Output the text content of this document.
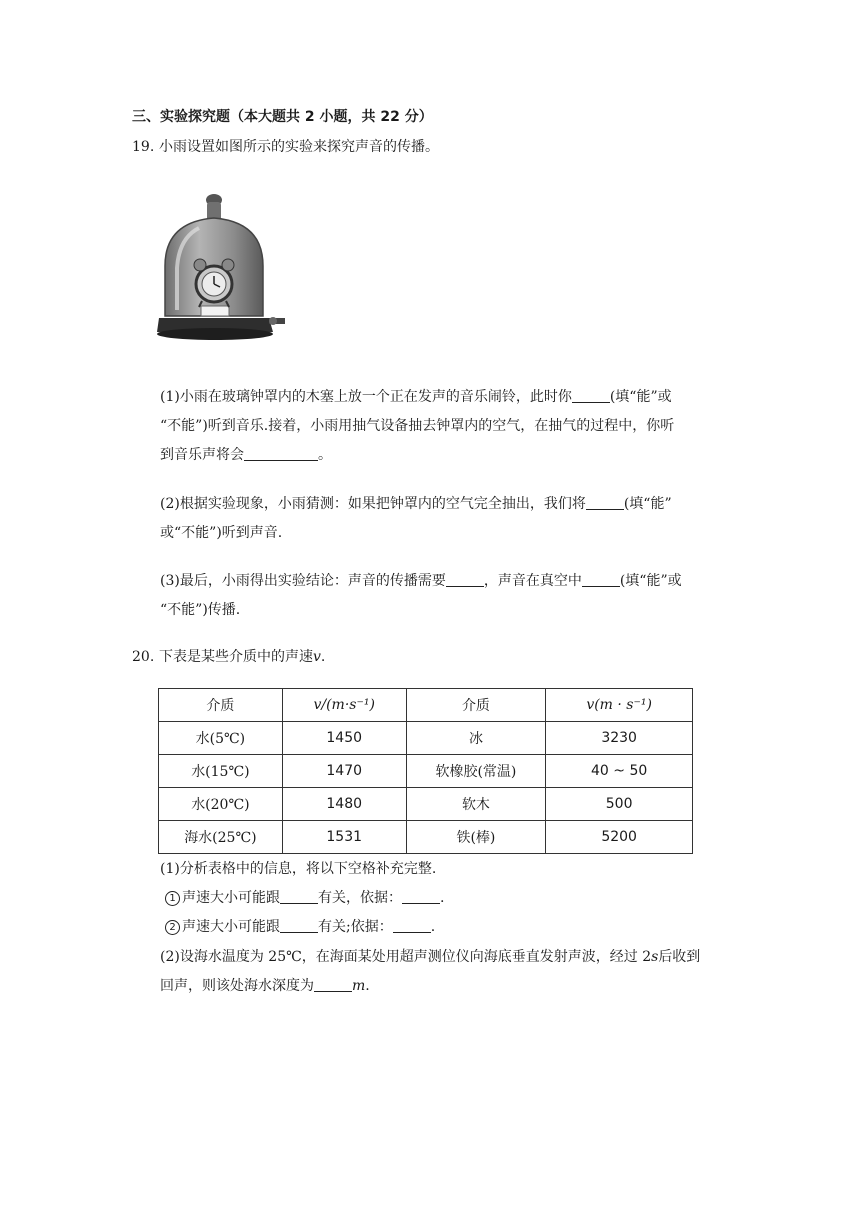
三、实验探究题（本大题共 2 小题，共 22 分）
19. 小雨设置如图所示的实验来探究声音的传播。
(1)小雨在玻璃钟罩内的木塞上放一个正在发声的音乐闹铃，此时你	(填“能”或
“不能”)听到音乐.接着，小雨用抽气设备抽去钟罩内的空气，在抽气的过程中，你听
到音乐声将会	。
(2)根据实验现象，小雨猜测：如果把钟罩内的空气完全抽出，我们将	(填“能”
或“不能”)听到声音.
(3)最后，小雨得出实验结论：声音的传播需要	，声音在真空中	(填“能”或
“不能”)传播.
20. 下表是某些介质中的声速v.
介质	v/(m·s⁻¹)	介质	v(m · s⁻¹)
水(5℃)	1450	冰	3230
水(15℃)	1470	软橡胶(常温)	40 ~ 50
水(20℃)	1480	软木	500
海水(25℃)	1531	铁(棒)	5200
(1)分析表格中的信息，将以下空格补充完整.
1 声速大小可能跟	有关，依据：	.
2 声速大小可能跟	有关;依据：	.
(2)设海水温度为 25℃，在海面某处用超声测位仪向海底垂直发射声波，经过 2s后收到
回声，则该处海水深度为	m.
